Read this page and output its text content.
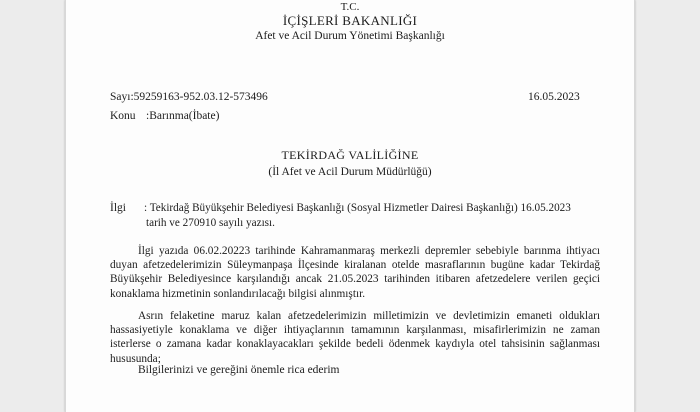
T.C.
İÇİŞLERİ BAKANLIĞI
Afet ve Acil Durum Yönetimi Başkanlığı
Sayı:59259163-952.03.12-573496	16.05.2023
Konu :Barınma(İbate)
TEKİRDAĞ VALİLİĞİNE
(İl Afet ve Acil Durum Müdürlüğü)
İlgi : Tekirdağ Büyükşehir Belediyesi Başkanlığı (Sosyal Hizmetler Dairesi Başkanlığı) 16.05.2023
tarih ve 270910 sayılı yazısı.
İlgi yazıda 06.02.20223 tarihinde Kahramanmaraş merkezli depremler sebebiyle barınma ihtiyacı duyan afetzedelerimizin Süleymanpaşa İlçesinde kiralanan otelde masraflarının bugüne kadar Tekirdağ Büyükşehir Belediyesince karşılandığı ancak 21.05.2023 tarihinden itibaren afetzedelere verilen geçici konaklama hizmetinin sonlandırılacağı bilgisi alınmıştır.
Asrın felaketine maruz kalan afetzedelerimizin milletimizin ve devletimizin emaneti oldukları hassasiyetiyle konaklama ve diğer ihtiyaçlarının tamamının karşılanması, misafirlerimizin ne zaman isterlerse o zamana kadar konaklayacakları şekilde bedeli ödenmek kaydıyla otel tahsisinin sağlanması hususunda;
Bilgilerinizi ve gereğini önemle rica ederim
